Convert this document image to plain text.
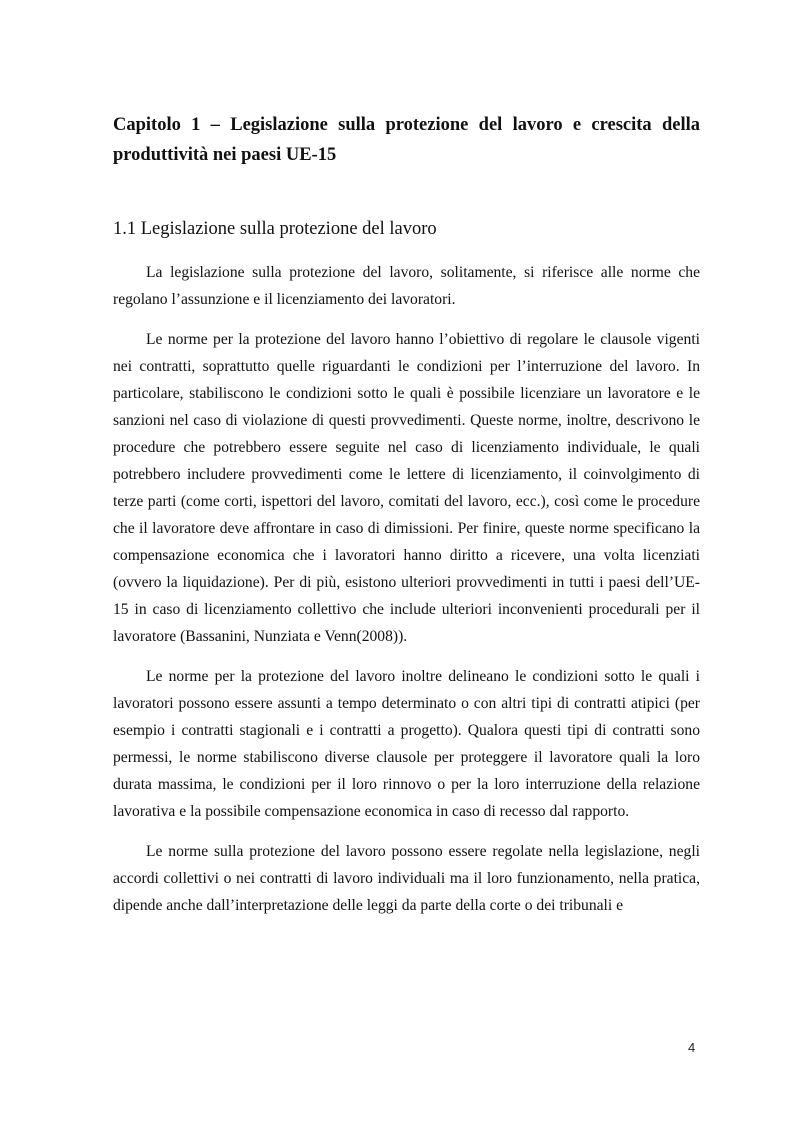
Capitolo 1 – Legislazione sulla protezione del lavoro e crescita della produttività nei paesi UE-15
1.1 Legislazione sulla protezione del lavoro

La legislazione sulla protezione del lavoro, solitamente, si riferisce alle norme che regolano l’assunzione e il licenziamento dei lavoratori.

Le norme per la protezione del lavoro hanno l’obiettivo di regolare le clausole vigenti nei contratti, soprattutto quelle riguardanti le condizioni per l’interruzione del lavoro. In particolare, stabiliscono le condizioni sotto le quali è possibile licenziare un lavoratore e le sanzioni nel caso di violazione di questi provvedimenti. Queste norme, inoltre, descrivono le procedure che potrebbero essere seguite nel caso di licenziamento individuale, le quali potrebbero includere provvedimenti come le lettere di licenziamento, il coinvolgimento di terze parti (come corti, ispettori del lavoro, comitati del lavoro, ecc.), così come le procedure che il lavoratore deve affrontare in caso di dimissioni. Per finire, queste norme specificano la compensazione economica che i lavoratori hanno diritto a ricevere, una volta licenziati (ovvero la liquidazione). Per di più, esistono ulteriori provvedimenti in tutti i paesi dell’UE-15 in caso di licenziamento collettivo che include ulteriori inconvenienti procedurali per il lavoratore (Bassanini, Nunziata e Venn(2008)).

Le norme per la protezione del lavoro inoltre delineano le condizioni sotto le quali i lavoratori possono essere assunti a tempo determinato o con altri tipi di contratti atipici (per esempio i contratti stagionali e i contratti a progetto). Qualora questi tipi di contratti sono permessi, le norme stabiliscono diverse clausole per proteggere il lavoratore quali la loro durata massima, le condizioni per il loro rinnovo o per la loro interruzione della relazione lavorativa e la possibile compensazione economica in caso di recesso dal rapporto.

Le norme sulla protezione del lavoro possono essere regolate nella legislazione, negli accordi collettivi o nei contratti di lavoro individuali ma il loro funzionamento, nella pratica, dipende anche dall’interpretazione delle leggi da parte della corte o dei tribunali e

4
